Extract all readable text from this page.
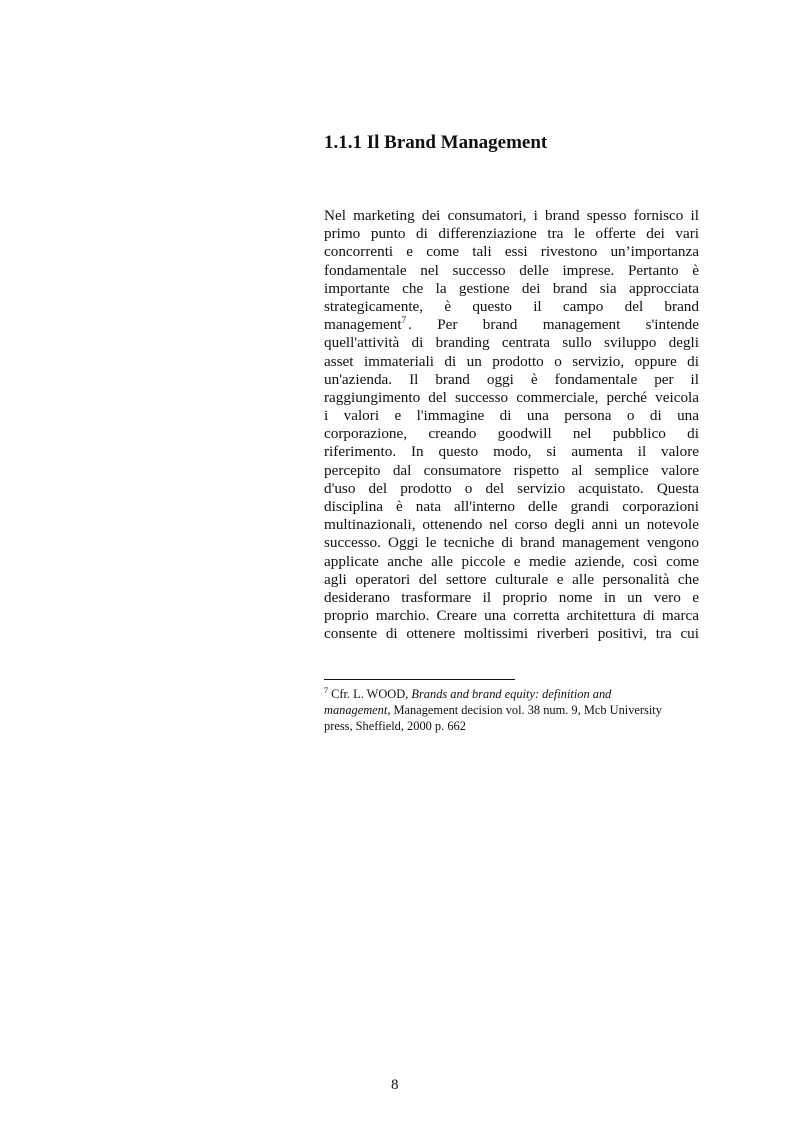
1.1.1 Il Brand Management
Nel marketing dei consumatori, i brand spesso fornisco il
primo punto di differenziazione tra le offerte dei vari
concorrenti e come tali essi rivestono un’importanza
fondamentale nel successo delle imprese. Pertanto è
importante che la gestione dei brand sia approcciata
strategicamente, è questo il campo del brand
management$^7$ . Per brand management s'intende
quell'attività di branding centrata sullo sviluppo degli
asset immateriali di un prodotto o servizio, oppure di
un'azienda. Il brand oggi è fondamentale per il
raggiungimento del successo commerciale, perché veicola
i valori e l'immagine di una persona o di una
corporazione, creando goodwill nel pubblico di
riferimento. In questo modo, si aumenta il valore
percepito dal consumatore rispetto al semplice valore
d'uso del prodotto o del servizio acquistato. Questa
disciplina è nata all'interno delle grandi corporazioni
multinazionali, ottenendo nel corso degli anni un notevole
successo. Oggi le tecniche di brand management vengono
applicate anche alle piccole e medie aziende, così come
agli operatori del settore culturale e alle personalità che
desiderano trasformare il proprio nome in un vero e
proprio marchio. Creare una corretta architettura di marca
consente di ottenere moltissimi riverberi positivi, tra cui
$^7$ Cfr. L. WOOD, Brands and brand equity: definition and
management, Management decision vol. 38 num. 9, Mcb University
press, Sheffield, 2000 p. 662
8
